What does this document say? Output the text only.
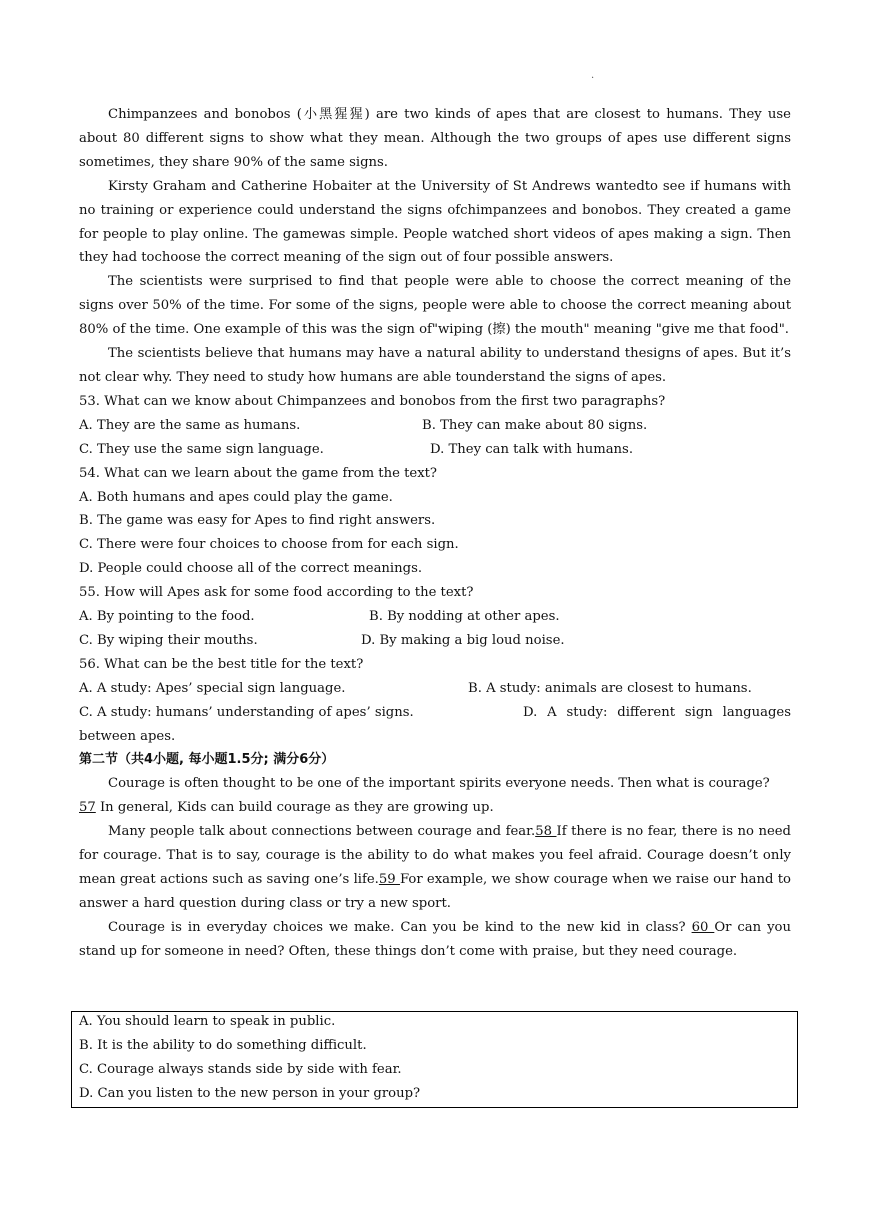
.

Chimpanzees and bonobos (小黑猩猩) are two kinds of apes that are closest to humans. They use about 80 different signs to show what they mean. Although the two groups of apes use different signs sometimes, they share 90% of the same signs.

Kirsty Graham and Catherine Hobaiter at the University of St Andrews wantedto see if humans with no training or experience could understand the signs ofchimpanzees and bonobos. They created a game for people to play online. The gamewas simple. People watched short videos of apes making a sign. Then they had tochoose the correct meaning of the sign out of four possible answers.

The scientists were surprised to find that people were able to choose the correct meaning of the signs over 50% of the time. For some of the signs, people were able to choose the correct meaning about 80% of the time. One example of this was the sign of"wiping (擦) the mouth" meaning "give me that food".

The scientists believe that humans may have a natural ability to understand thesigns of apes. But it’s not clear why. They need to study how humans are able tounderstand the signs of apes.

53. What can we know about Chimpanzees and bonobos from the first two paragraphs?

A. They are the same as humans.	B. They can make about 80 signs.
C. They use the same sign language.	D. They can talk with humans.

54. What can we learn about the game from the text?

A. Both humans and apes could play the game.

B. The game was easy for Apes to find right answers.

C. There were four choices to choose from for each sign.

D. People could choose all of the correct meanings.

55. How will Apes ask for some food according to the text?

A. By pointing to the food.	B. By nodding at other apes.
C. By wiping their mouths.	D. By making a big loud noise.

56. What can be the best title for the text?

A. A study: Apes’ special sign language.	B. A study: animals are closest to humans.

C. A study: humans’ understanding of apes’ signs.	D. A study: different sign languages between apes.

第二节（共4小题, 每小题1.5分; 满分6分）

Courage is often thought to be one of the important spirits everyone needs. Then what is courage?
57 In general, Kids can build courage as they are growing up.

Many people talk about connections between courage and fear.58 If there is no fear, there is no need for courage. That is to say, courage is the ability to do what makes you feel afraid. Courage doesn’t only mean great actions such as saving one’s life.59 For example, we show courage when we raise our hand to answer a hard question during class or try a new sport.

Courage is in everyday choices we make. Can you be kind to the new kid in class? 60 Or can you stand up for someone in need? Often, these things don’t come with praise, but they need courage.

A. You should learn to speak in public.
B. It is the ability to do something difficult.
C. Courage always stands side by side with fear.
D. Can you listen to the new person in your group?
